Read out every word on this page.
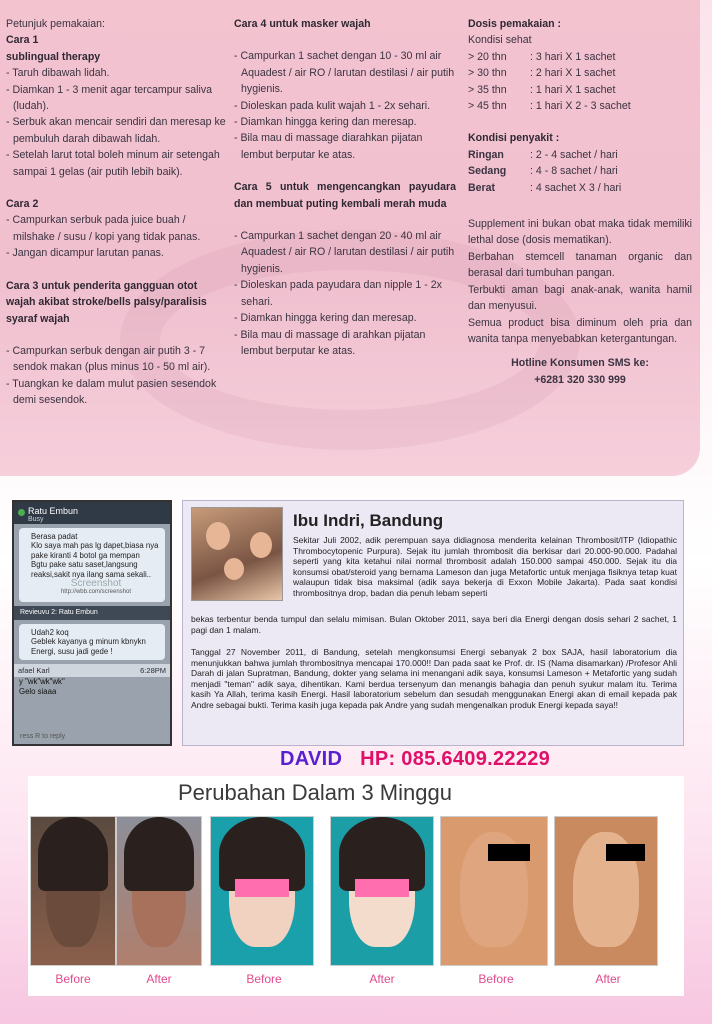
Petunjuk pemakaian:
Cara 1
sublingual therapy
- Taruh dibawah lidah.
- Diamkan 1 - 3 menit agar tercampur saliva (ludah).
- Serbuk akan mencair sendiri dan meresap ke pembuluh darah dibawah lidah.
- Setelah larut total boleh minum air setengah sampai 1 gelas (air putih lebih baik).
Cara 2
- Campurkan serbuk pada juice buah / milshake / susu / kopi yang tidak panas.
- Jangan dicampur larutan panas.
Cara 3 untuk penderita gangguan otot wajah akibat stroke/bells palsy/paralisis syaraf wajah
- Campurkan serbuk dengan air putih 3 - 7 sendok makan (plus minus 10 - 50 ml air).
- Tuangkan ke dalam mulut pasien sesendok demi sesendok.
Cara 4 untuk masker wajah
- Campurkan 1 sachet dengan 10 - 30 ml air Aquadest / air RO / larutan destilasi / air putih hygienis.
- Dioleskan pada kulit wajah 1 - 2x sehari.
- Diamkan hingga kering dan meresap.
- Bila mau di massage diarahkan pijatan lembut berputar ke atas.
Cara 5 untuk mengencangkan payudara dan membuat puting kembali merah muda
- Campurkan 1 sachet dengan 20 - 40 ml air Aquadest / air RO / larutan destilasi / air putih hygienis.
- Dioleskan pada payudara dan nipple 1 - 2x sehari.
- Diamkan hingga kering dan meresap.
- Bila mau di massage di arahkan pijatan lembut berputar ke atas.
Dosis pemakaian :
Kondisi sehat
> 20 thn	: 3 hari X 1 sachet
> 30 thn	: 2 hari X 1 sachet
> 35 thn	: 1 hari X 1 sachet
> 45 thn	: 1 hari X 2 - 3 sachet
Kondisi penyakit :
Ringan	: 2 - 4 sachet / hari
Sedang	: 4 - 8 sachet / hari
Berat	: 4 sachet X 3 / hari
Supplement ini bukan obat maka tidak memiliki lethal dose (dosis mematikan).
Berbahan stemcell tanaman organic dan berasal dari tumbuhan pangan.
Terbukti aman bagi anak-anak, wanita hamil dan menyusui.
Semua product bisa diminum oleh pria dan wanita tanpa menyebabkan ketergantungan.
Hotline Konsumen SMS ke:
+6281 320 330 999
Ratu Embun
Busy
Berasa padat
Klo saya mah pas lg dapet,biasa nya pake kiranti 4 botol ga mempan
Bgtu pake satu saset,langsung reaksi,sakit nya ilang sama sekali..
Screenshot
http://wbb.com/screenshot
Revieuvu 2: Ratu Embun
Udah2 koq
Geblek kayanya g minum kbnykn Energi, susu jadi gede !
afael Karl	6:28PM
y "wk"wk"wk"
Gelo siaaa
ress R to reply
Ibu Indri, Bandung
Sekitar Juli 2002, adik perempuan saya didiagnosa menderita kelainan Thrombosit/ITP (Idiopathic Thrombocytopenic Purpura). Sejak itu jumlah thrombosit dia berkisar dari 20.000-90.000. Padahal seperti yang kita ketahui nilai normal thrombosit adalah 150.000 sampai 450.000. Sejak itu dia konsumsi obat/steroid yang bernama Lameson dan juga Metafortic untuk menjaga fisiknya tetap kuat walaupun tidak bisa maksimal (adik saya bekerja di Exxon Mobile Jakarta). Pada saat kondisi thrombositnya drop, badan dia penuh lebam seperti
bekas terbentur benda tumpul dan selalu mimisan. Bulan Oktober 2011, saya beri dia Energi dengan dosis sehari 2 sachet, 1 pagi dan 1 malam.
Tanggal 27 November 2011, di Bandung, setelah mengkonsumsi Energi sebanyak 2 box SAJA, hasil laboratorium dia menunjukkan bahwa jumlah thrombositnya mencapai 170.000!! Dan pada saat ke Prof. dr. IS (Nama disamarkan) /Profesor Ahli Darah di jalan Supratman, Bandung, dokter yang selama ini menangani adik saya, konsumsi Lameson + Metafortic yang sudah menjadi "teman" adik saya, dihentikan. Kami berdua tersenyum dan menangis bahagia dan penuh syukur malam itu. Terima kasih Ya Allah, terima kasih Energi. Hasil laboratorium sebelum dan sesudah menggunakan Energi akan di email kepada pak Andre sebagai bukti. Terima kasih juga kepada pak Andre yang sudah mengenalkan produk Energi kepada saya!!
DAVID HP: 085.6409.22229
Perubahan Dalam 3 Minggu
Before	After	Before	After	Before	After
